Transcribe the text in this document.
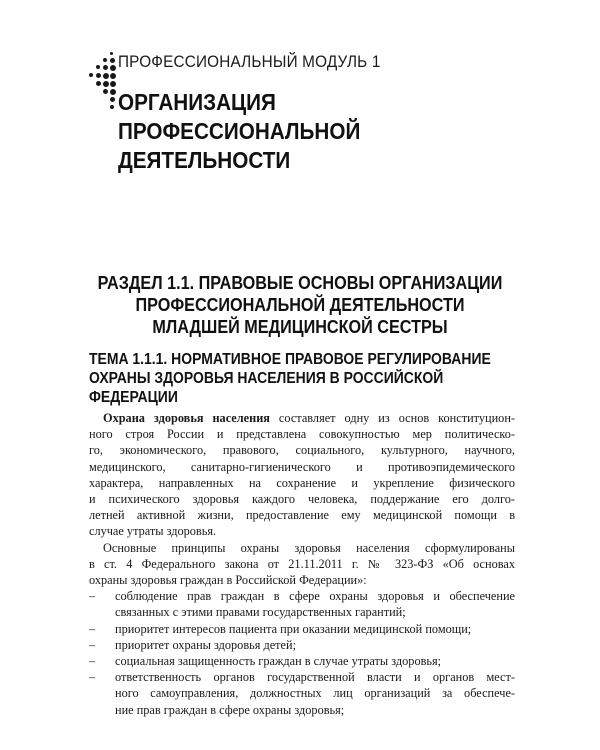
ПРОФЕССИОНАЛЬНЫЙ МОДУЛЬ 1
ОРГАНИЗАЦИЯ ПРОФЕССИОНАЛЬНОЙ
ДЕЯТЕЛЬНОСТИ
РАЗДЕЛ 1.1. ПРАВОВЫЕ ОСНОВЫ ОРГАНИЗАЦИИ
ПРОФЕССИОНАЛЬНОЙ ДЕЯТЕЛЬНОСТИ
МЛАДШЕЙ МЕДИЦИНСКОЙ СЕСТРЫ
ТЕМА 1.1.1. НОРМАТИВНОЕ ПРАВОВОЕ РЕГУЛИРОВАНИЕ
ОХРАНЫ ЗДОРОВЬЯ НАСЕЛЕНИЯ В РОССИЙСКОЙ
ФЕДЕРАЦИИ
Охрана здоровья населения составляет одну из основ конституцион-
ного строя России и представлена совокупностью мер политическо-
го, экономического, правового, социального, культурного, научного,
медицинского, санитарно-гигиенического и противоэпидемического
характера, направленных на сохранение и укрепление физического
и психического здоровья каждого человека, поддержание его долго-
летней активной жизни, предоставление ему медицинской помощи в
случае утраты здоровья.
Основные принципы охраны здоровья населения сформулированы
в ст. 4 Федерального закона от 21.11.2011 г. № 323-ФЗ «Об основах
охраны здоровья граждан в Российской Федерации»:
– соблюдение прав граждан в сфере охраны здоровья и обеспечение
связанных с этими правами государственных гарантий;
– приоритет интересов пациента при оказании медицинской помощи;
– приоритет охраны здоровья детей;
– социальная защищенность граждан в случае утраты здоровья;
– ответственность органов государственной власти и органов мест-
ного самоуправления, должностных лиц организаций за обеспече-
ние прав граждан в сфере охраны здоровья;
